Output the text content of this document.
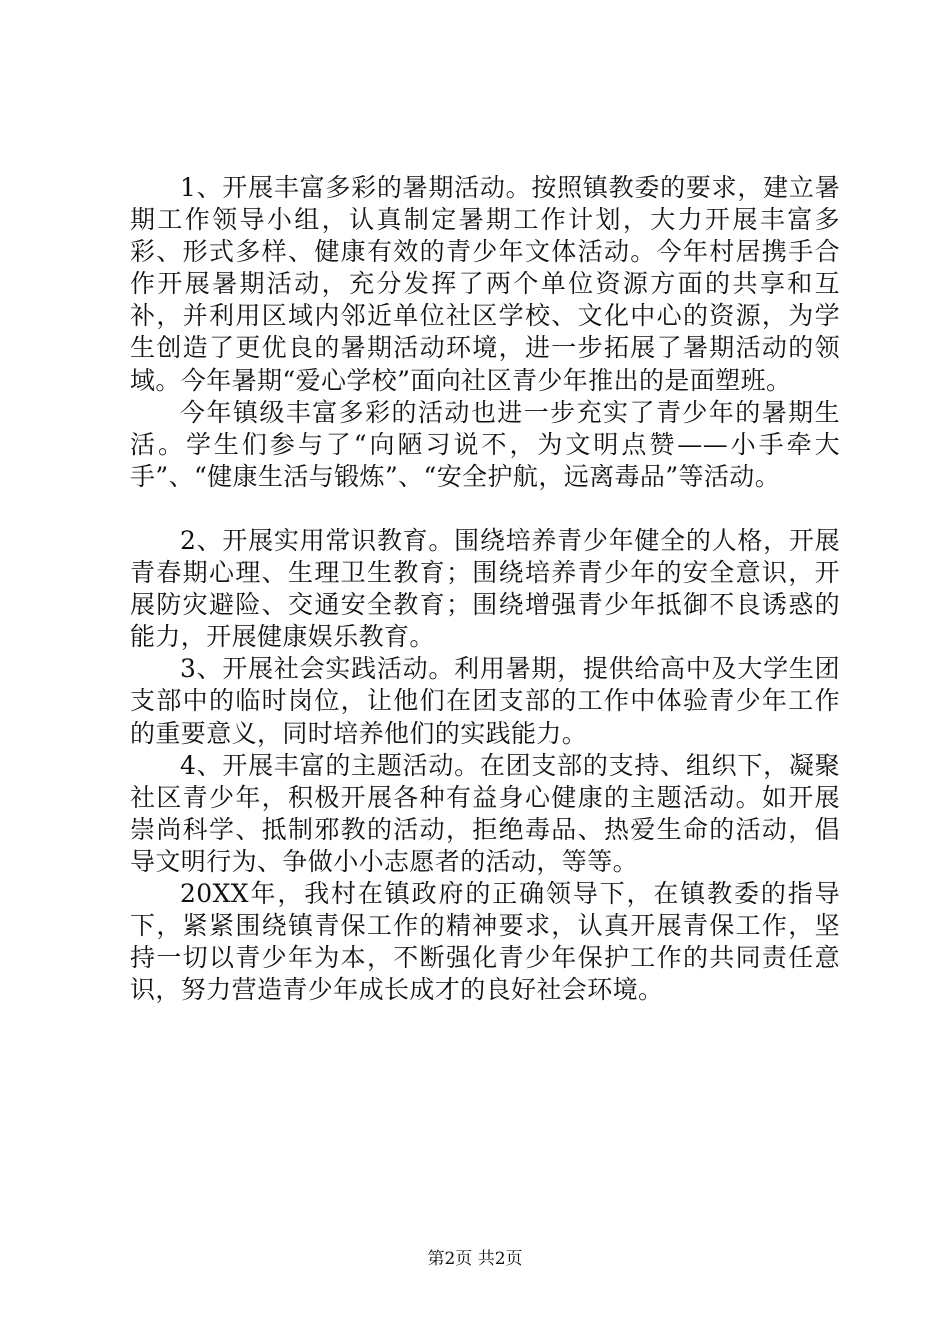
1、开展丰富多彩的暑期活动。按照镇教委的要求，建立暑期工作领导小组，认真制定暑期工作计划，大力开展丰富多彩、形式多样、健康有效的青少年文体活动。今年村居携手合作开展暑期活动，充分发挥了两个单位资源方面的共享和互补，并利用区域内邻近单位社区学校、文化中心的资源，为学生创造了更优良的暑期活动环境，进一步拓展了暑期活动的领域。今年暑期“爱心学校”面向社区青少年推出的是面塑班。

今年镇级丰富多彩的活动也进一步充实了青少年的暑期生活。学生们参与了“向陋习说不，为文明点赞——小手牵大手”、“健康生活与锻炼”、“安全护航，远离毒品”等活动。

2、开展实用常识教育。围绕培养青少年健全的人格，开展青春期心理、生理卫生教育；围绕培养青少年的安全意识，开展防灾避险、交通安全教育；围绕增强青少年抵御不良诱惑的能力，开展健康娱乐教育。

3、开展社会实践活动。利用暑期，提供给高中及大学生团支部中的临时岗位，让他们在团支部的工作中体验青少年工作的重要意义，同时培养他们的实践能力。

4、开展丰富的主题活动。在团支部的支持、组织下，凝聚社区青少年，积极开展各种有益身心健康的主题活动。如开展崇尚科学、抵制邪教的活动，拒绝毒品、热爱生命的活动，倡导文明行为、争做小小志愿者的活动，等等。

20XX年，我村在镇政府的正确领导下，在镇教委的指导下，紧紧围绕镇青保工作的精神要求，认真开展青保工作，坚持一切以青少年为本，不断强化青少年保护工作的共同责任意识，努力营造青少年成长成才的良好社会环境。

第2页 共2页
